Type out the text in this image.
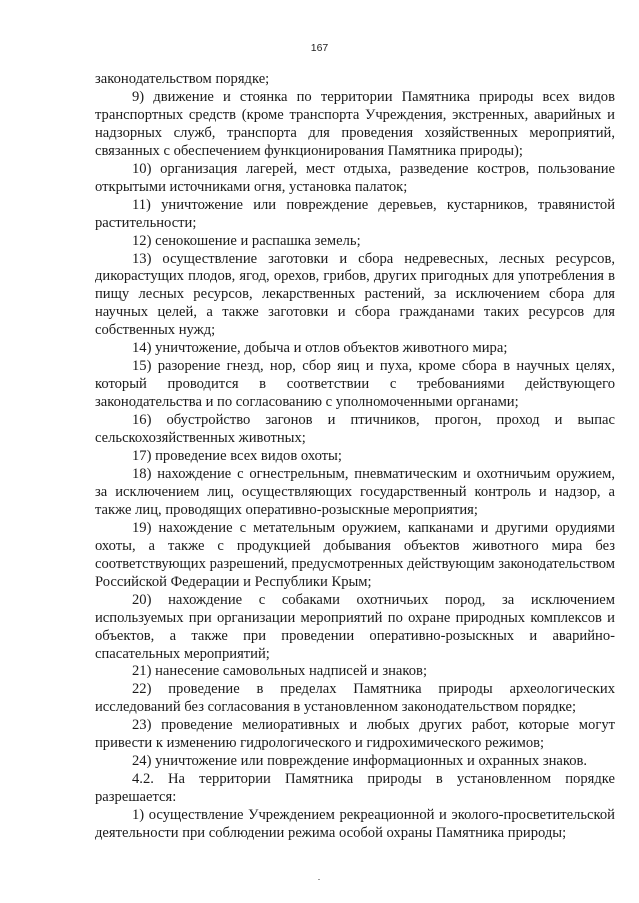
167

законодательством порядке;

9) движение и стоянка по территории Памятника природы всех видов транспортных средств (кроме транспорта Учреждения, экстренных, аварийных и надзорных служб, транспорта для проведения хозяйственных мероприятий, связанных с обеспечением функционирования Памятника природы);

10) организация лагерей, мест отдыха, разведение костров, пользование открытыми источниками огня, установка палаток;

11) уничтожение или повреждение деревьев, кустарников, травянистой растительности;

12) сенокошение и распашка земель;

13) осуществление заготовки и сбора недревесных, лесных ресурсов, дикорастущих плодов, ягод, орехов, грибов, других пригодных для употребления в пищу лесных ресурсов, лекарственных растений, за исключением сбора для научных целей, а также заготовки и сбора гражданами таких ресурсов для собственных нужд;

14) уничтожение, добыча и отлов объектов животного мира;

15) разорение гнезд, нор, сбор яиц и пуха, кроме сбора в научных целях, который проводится в соответствии с требованиями действующего законодательства и по согласованию с уполномоченными органами;

16) обустройство загонов и птичников, прогон, проход и выпас сельскохозяйственных животных;

17) проведение всех видов охоты;

18) нахождение с огнестрельным, пневматическим и охотничьим оружием, за исключением лиц, осуществляющих государственный контроль и надзор, а также лиц, проводящих оперативно-розыскные мероприятия;

19) нахождение с метательным оружием, капканами и другими орудиями охоты, а также с продукцией добывания объектов животного мира без соответствующих разрешений, предусмотренных действующим законодательством Российской Федерации и Республики Крым;

20) нахождение с собаками охотничьих пород, за исключением используемых при организации мероприятий по охране природных комплексов и объектов, а также при проведении оперативно-розыскных и аварийно-спасательных мероприятий;

21) нанесение самовольных надписей и знаков;

22) проведение в пределах Памятника природы археологических исследований без согласования в установленном законодательством порядке;

23) проведение мелиоративных и любых других работ, которые могут привести к изменению гидрологического и гидрохимического режимов;

24) уничтожение или повреждение информационных и охранных знаков.

4.2. На территории Памятника природы в установленном порядке разрешается:

1) осуществление Учреждением рекреационной и эколого-просветительской деятельности при соблюдении режима особой охраны Памятника природы;
